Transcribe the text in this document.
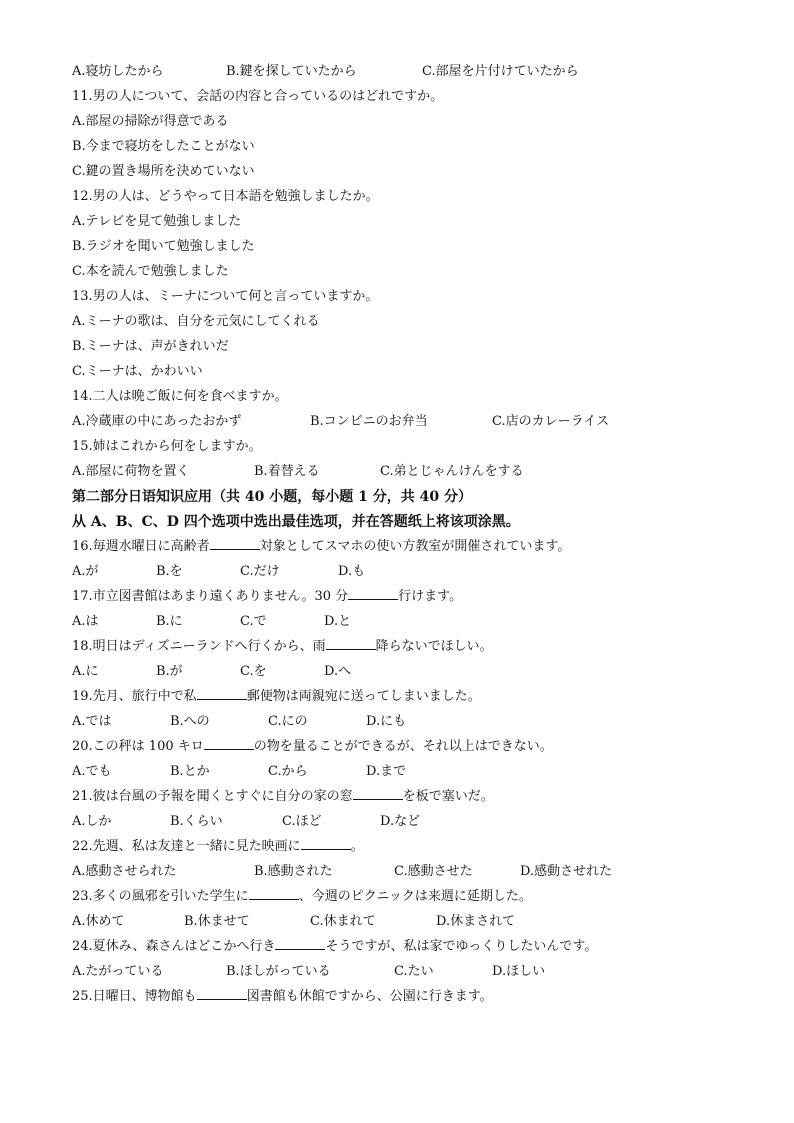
A.寝坊したから	B.鍵を探していたから	C.部屋を片付けていたから
11.男の人について、会話の内容と合っているのはどれですか。
A.部屋の掃除が得意である
B.今まで寝坊をしたことがない
C.鍵の置き場所を決めていない
12.男の人は、どうやって日本語を勉強しましたか。
A.テレビを見て勉強しました
B.ラジオを聞いて勉強しました
C.本を読んで勉強しました
13.男の人は、ミーナについて何と言っていますか。
A.ミーナの歌は、自分を元気にしてくれる
B.ミーナは、声がきれいだ
C.ミーナは、かわいい
14.二人は晩ご飯に何を食べますか。
A.冷蔵庫の中にあったおかず	B.コンビニのお弁当	C.店のカレーライス
15.姉はこれから何をしますか。
A.部屋に荷物を置く	B.着替える	C.弟とじゃんけんをする
第二部分日语知识应用（共 40 小题，每小题 1 分，共 40 分）
从 A、B、C、D 四个选项中选出最佳选项，并在答题纸上将该项涂黑。
16.毎週水曜日に高齢者	対象としてスマホの使い方教室が開催されています。
A.が	B.を	C.だけ	D.も
17.市立図書館はあまり遠くありません。30 分	行けます。
A.は	B.に	C.で	D.と
18.明日はディズニーランドへ行くから、雨	降らないでほしい。
A.に	B.が	C.を	D.へ
19.先月、旅行中で私	郵便物は両親宛に送ってしまいました。
A.では	B.への	C.にの	D.にも
20.この秤は 100 キロ	の物を量ることができるが、それ以上はできない。
A.でも	B.とか	C.から	D.まで
21.彼は台風の予報を聞くとすぐに自分の家の窓	を板で塞いだ。
A.しか	B.くらい	C.ほど	D.など
22.先週、私は友達と一緒に見た映画に	。
A.感動させられた	B.感動された	C.感動させた	D.感動させれた
23.多くの風邪を引いた学生に	、今週のピクニックは来週に延期した。
A.休めて	B.休ませて	C.休まれて	D.休まされて
24.夏休み、森さんはどこかへ行き	そうですが、私は家でゆっくりしたいんです。
A.たがっている	B.ほしがっている	C.たい	D.ほしい
25.日曜日、博物館も	図書館も休館ですから、公園に行きます。
